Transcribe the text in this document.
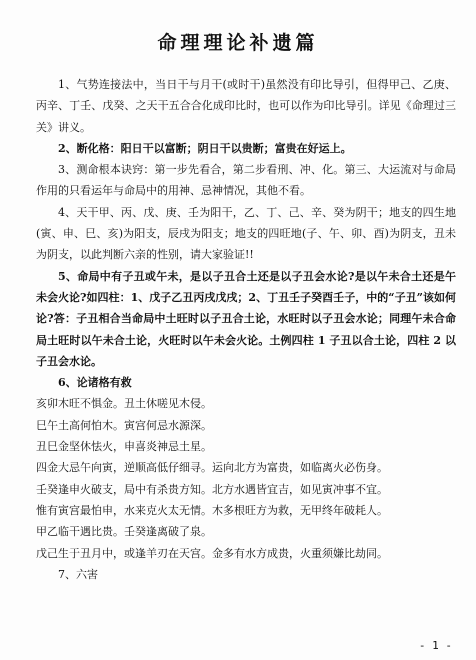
命理理论补遗篇

1、气势连接法中，当日干与月干(或时干)虽然没有印比导引，但得甲己、乙庚、丙辛、丁壬、戊癸、之天干五合合化成印比时，也可以作为印比导引。详见《命理过三关》讲义。

2、断化格：阳日干以富断；阴日干以贵断；富贵在好运上。

3、测命根本诀窍：第一步先看合，第二步看刑、冲、化。第三、大运流对与命局作用的只看运年与命局中的用神、忌神情况，其他不看。

4、天干甲、丙、戊、庚、壬为阳干，乙、丁、己、辛、癸为阴干；地支的四生地(寅、申、巳、亥)为阳支，辰戌为阳支；地支的四旺地(子、午、卯、酉)为阴支，丑未为阴支，以此判断六亲的性别，请大家验证!!

5、命局中有子丑或午未，是以子丑合土还是以子丑会水论?是以午未合土还是午未会火论?如四柱：1、戊子乙丑丙戌戊戌；2、丁丑壬子癸酉壬子，中的“子丑”该如何论?答：子丑相合当命局中土旺时以子丑合土论，水旺时以子丑会水论；同理午未合命局土旺时以午未合土论，火旺时以午未会火论。土例四柱 1 子丑以合土论，四柱 2 以子丑会水论。

6、论诸格有救

亥卯木旺不惧金。丑土休嗟见木侵。

巳午土高何怕木。寅宫何忌水源深。

丑巳金坚休怯火，申喜炎神忌土星。

四金大忌午向寅，逆顺高低仔细寻。运向北方为富贵，如临离火必伤身。

壬癸逢申火破支，局中有杀贵方知。北方水遇皆宜吉，如见寅冲事不宜。

惟有寅宫最怕申，水来克火太无情。木多根旺方为救，无甲终年破耗人。

甲乙临干遇比贵。壬癸逢离破了泉。

戊己生于丑月中，或逢羊刃在天宫。金多有水方成贵，火重须嫌比劫同。

7、六害

- 1 -
